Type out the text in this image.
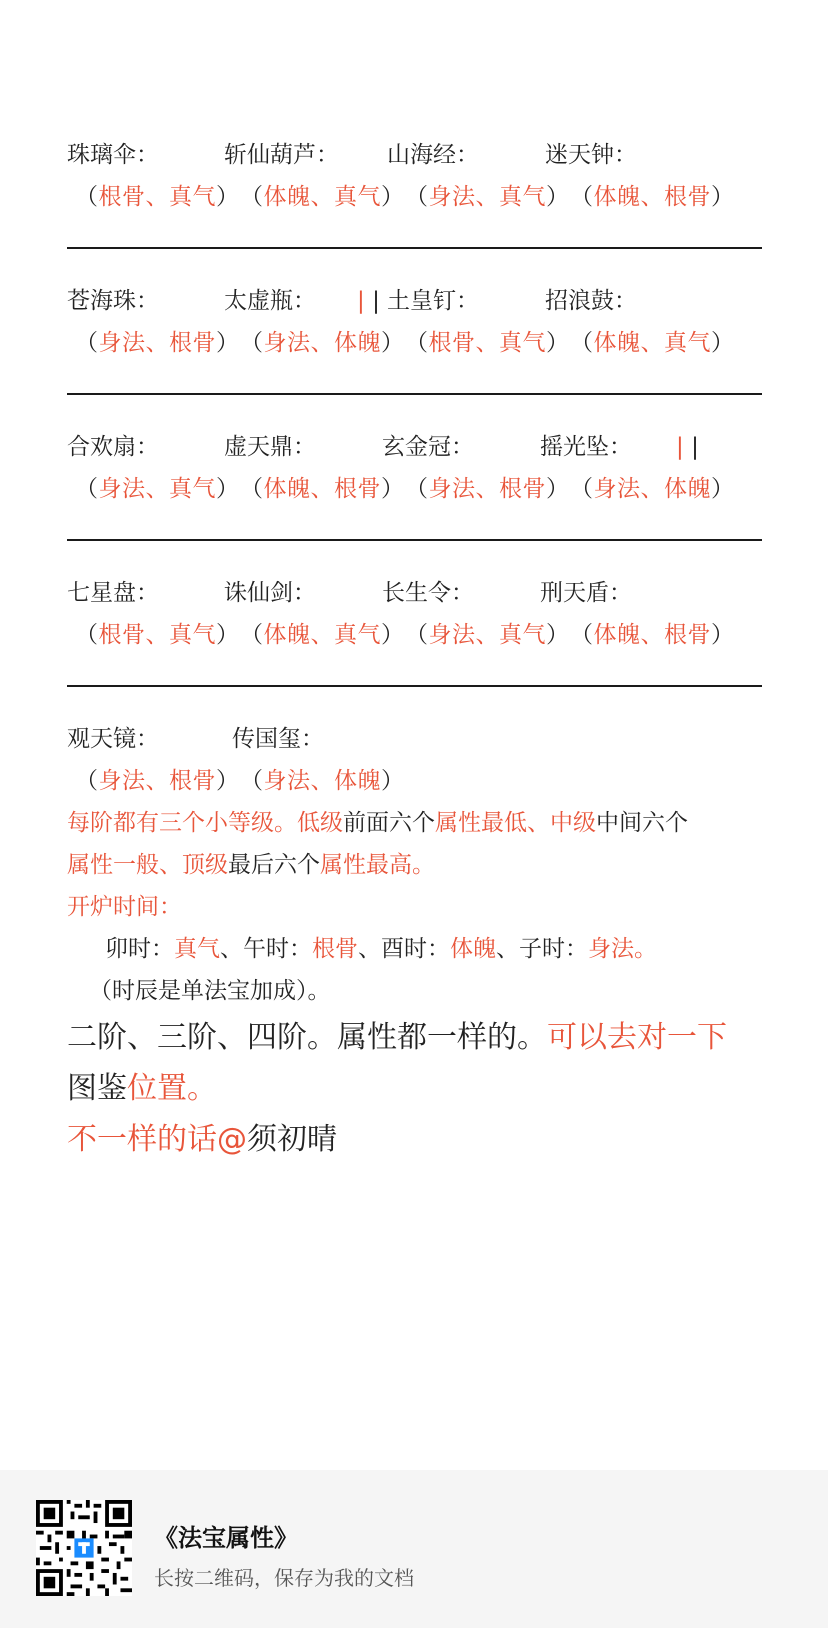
珠璃伞：	斩仙葫芦：	山海经：	迷天钟：
（根骨、真气） （体魄、真气） （身法、真气） （体魄、根骨）
苍海珠：	太虚瓶：	| | 土皇钉：	招浪鼓：
（身法、根骨） （身法、体魄） （根骨、真气） （体魄、真气）
合欢扇：	虚天鼎：	玄金冠：	摇光坠：	| |
（身法、真气） （体魄、根骨） （身法、根骨） （身法、体魄）
七星盘：	诛仙剑：	长生令：	刑天盾：
（根骨、真气） （体魄、真气） （身法、真气） （体魄、根骨）
观天镜：	传国玺：
（身法、根骨） （身法、体魄）
每阶都有三个小等级。低级前面六个属性最低、中级中间六个
属性一般、顶级最后六个属性最高。
开炉时间：
卯时：真气、午时：根骨、酉时：体魄、子时：身法。
（时辰是单法宝加成）。
二阶、三阶、四阶。属性都一样的。可以去对一下
图鉴位置。
不一样的话@须初晴
《法宝属性》
长按二维码，保存为我的文档
